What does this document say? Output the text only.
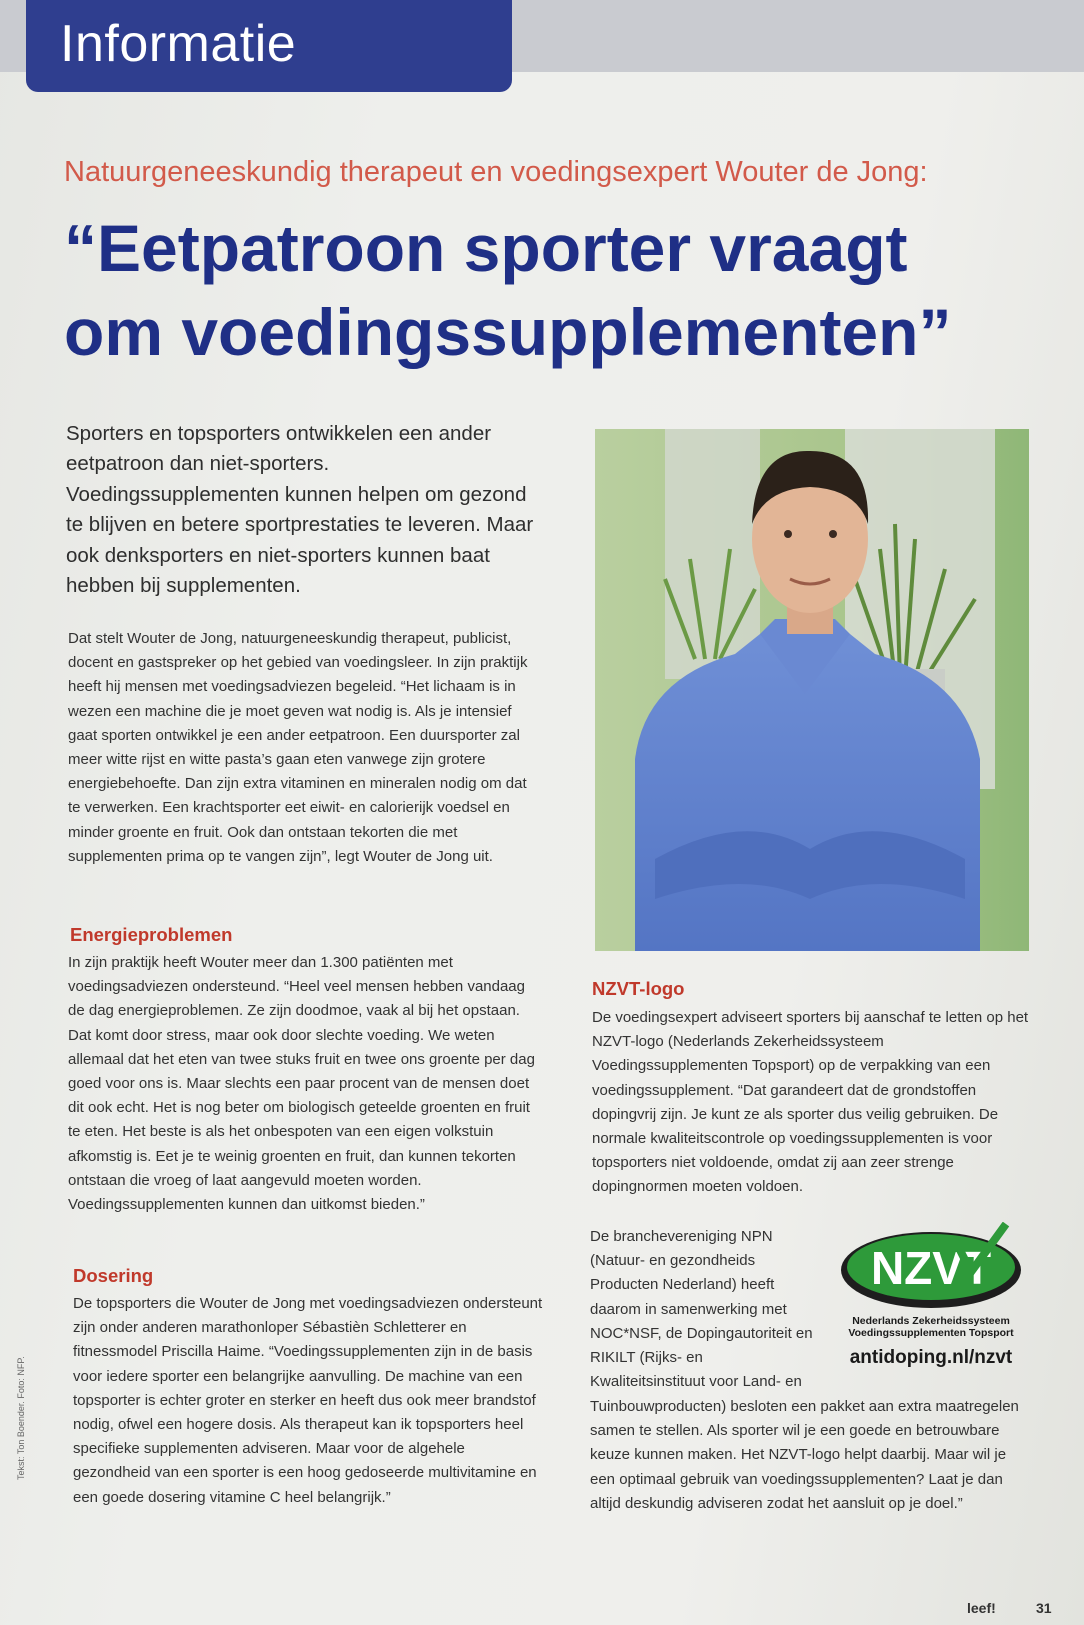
Informatie
Natuurgeneeskundig therapeut en voedingsexpert Wouter de Jong:
“Eetpatroon sporter vraagt
om voedingssupplementen”
Sporters en topsporters ontwikkelen een ander eetpatroon dan niet-sporters. Voedingssupplementen kunnen helpen om gezond te blijven en betere sportprestaties te leveren. Maar ook denksporters en niet-sporters kunnen baat hebben bij supplementen.

Dat stelt Wouter de Jong, natuurgeneeskundig therapeut, publicist, docent en gastspreker op het gebied van voedingsleer. In zijn praktijk heeft hij mensen met voedingsadviezen begeleid. “Het lichaam is in wezen een machine die je moet geven wat nodig is. Als je intensief gaat sporten ontwikkel je een ander eetpatroon. Een duursporter zal meer witte rijst en witte pasta’s gaan eten vanwege zijn grotere energiebehoefte. Dan zijn extra vitaminen en mineralen nodig om dat te verwerken. Een krachtsporter eet eiwit- en calorierijk voedsel en minder groente en fruit. Ook dan ontstaan tekorten die met supplementen prima op te vangen zijn”, legt Wouter de Jong uit.

Energieproblemen

In zijn praktijk heeft Wouter meer dan 1.300 patiënten met voedingsadviezen ondersteund. “Heel veel mensen hebben vandaag de dag energieproblemen. Ze zijn doodmoe, vaak al bij het opstaan. Dat komt door stress, maar ook door slechte voeding. We weten allemaal dat het eten van twee stuks fruit en twee ons groente per dag goed voor ons is. Maar slechts een paar procent van de mensen doet dit ook echt. Het is nog beter om biologisch geteelde groenten en fruit te eten. Het beste is als het onbespoten van een eigen volkstuin afkomstig is. Eet je te weinig groenten en fruit, dan kunnen tekorten ontstaan die vroeg of laat aangevuld moeten worden. Voedingssupplementen kunnen dan uitkomst bieden.”

Dosering

De topsporters die Wouter de Jong met voedingsadviezen ondersteunt zijn onder anderen marathonloper Sébastièn Schletterer en fitnessmodel Priscilla Haime. “Voedingssupplementen zijn in de basis voor iedere sporter een belangrijke aanvulling. De machine van een topsporter is echter groter en sterker en heeft dus ook meer brandstof nodig, ofwel een hogere dosis. Als therapeut kan ik topsporters heel specifieke supplementen adviseren. Maar voor de algehele gezondheid van een sporter is een hoog gedoseerde multivitamine en een goede dosering vitamine C heel belangrijk.”

NZVT-logo

De voedingsexpert adviseert sporters bij aanschaf te letten op het NZVT-logo (Nederlands Zekerheidssysteem Voedingssupplementen Topsport) op de verpakking van een voedingssupplement. “Dat garandeert dat de grondstoffen dopingvrij zijn. Je kunt ze als sporter dus veilig gebruiken. De normale kwaliteitscontrole op voedingssupplementen is voor topsporters niet voldoende, omdat zij aan zeer strenge dopingnormen moeten voldoen.

De branchevereniging NPN (Natuur- en gezondheids Producten Nederland) heeft daarom in samenwerking met NOC*NSF, de Dopingautoriteit en RIKILT (Rijks- en Kwaliteitsinstituut voor Land- en
NZVT
Nederlands Zekerheidssysteem
Voedingssupplementen Topsport
antidoping.nl/nzvt
Tuinbouwproducten) besloten een pakket aan extra maatregelen samen te stellen. Als sporter wil je een goede en betrouwbare keuze kunnen maken. Het NZVT-logo helpt daarbij. Maar wil je een optimaal gebruik van voedingssupplementen? Laat je dan altijd deskundig adviseren zodat het aansluit op je doel.”
Tekst: Ton Boender. Foto: NFP.
leef!	31
